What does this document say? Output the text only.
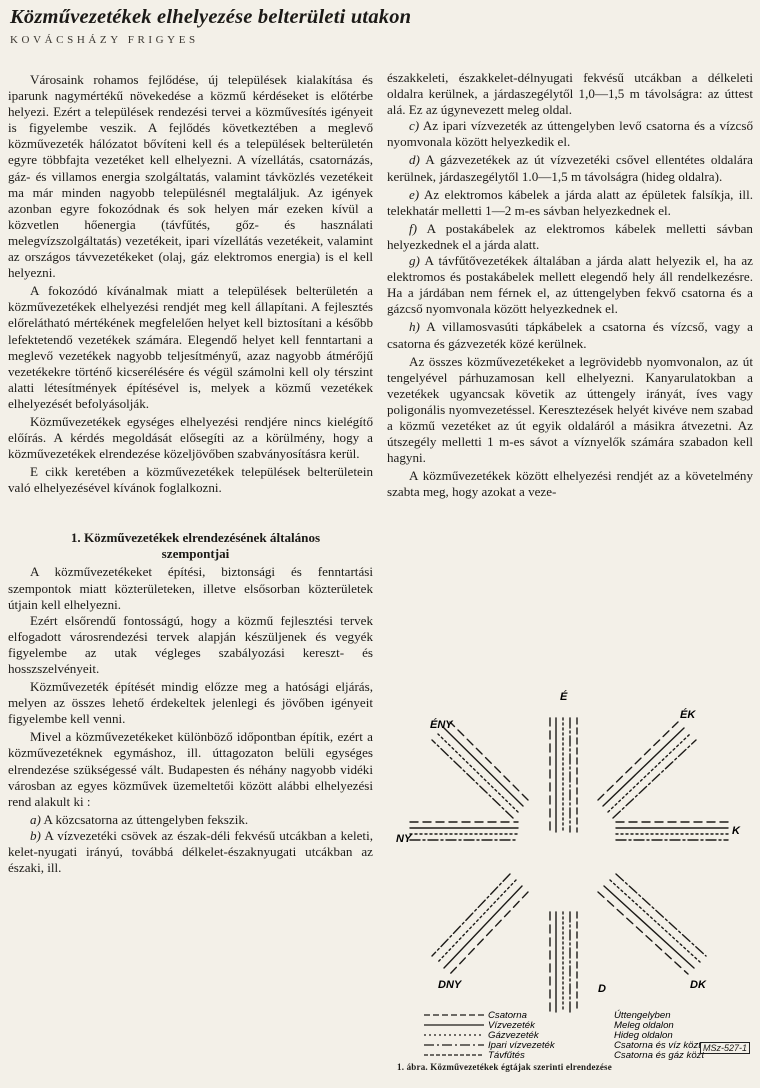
Közművezetékek elhelyezése belterületi utakon
KOVÁCSHÁZY FRIGYES

Városaink rohamos fejlődése, új települések kialakítása és iparunk nagymértékű növekedése a közmű kérdéseket is előtérbe helyezi. Ezért a települések rendezési tervei a közművesítés igényeit is figyelembe veszik. A fejlődés következtében a meglevő közművezeték hálózatot bővíteni kell és a települések belterületén egyre többfajta vezetéket kell elhelyezni. A vízellátás, csatornázás, gáz- és villamos energia szolgáltatás, valamint távközlés vezetékeit ma már minden nagyobb településnél megtaláljuk. Az igények azonban egyre fokozódnak és sok helyen már ezeken kívül a közvetlen hőenergia (távfűtés, gőz- és használati melegvízszolgáltatás) vezetékeit, ipari vízellátás vezetékeit, valamint az országos távvezetékeket (olaj, gáz elektromos energia) is el kell helyezni.

A fokozódó kívánalmak miatt a települések belterületén a közművezetékek elhelyezési rendjét meg kell állapítani. A fejlesztés előrelátható mértékének megfelelően helyet kell biztosítani a később lefektetendő vezetékek számára. Elegendő helyet kell fenntartani a meglevő vezetékek nagyobb teljesítményű, azaz nagyobb átmérőjű vezetékekre történő kicserélésére és végül számolni kell oly térszint alatti létesítmények építésével is, melyek a közmű vezetékek elhelyezését befolyásolják.

Közművezetékek egységes elhelyezési rendjére nincs kielégítő előírás. A kérdés megoldását elősegíti az a körülmény, hogy a közművezetékek elrendezése közeljövőben szabványosításra kerül.

E cikk keretében a közművezetékek települések belterületein való elhelyezésével kívánok foglalkozni.

1. Közművezetékek elrendezésének általános szempontjai

A közművezetékeket építési, biztonsági és fenntartási szempontok miatt közterületeken, illetve elsősorban közterületek útjain kell elhelyezni.

Ezért elsőrendű fontosságú, hogy a közmű fejlesztési tervek elfogadott városrendezési tervek alapján készüljenek és vegyék figyelembe az utak végleges szabályozási kereszt- és hosszszelvényeit.

Közművezeték építését mindig előzze meg a hatósági eljárás, melyen az összes lehető érdekeltek jelenlegi és jövőben igényeit figyelembe kell venni.

Mivel a közművezetékeket különböző időpontban építik, ezért a közművezetéknek egymáshoz, ill. úttagozaton belüli egységes elrendezése szükségessé vált. Budapesten és néhány nagyobb vidéki városban az egyes közművek üzemeltetői között alábbi elhelyezési rend alakult ki :

a) A közcsatorna az úttengelyben fekszik.

b) A vízvezetéki csövek az észak-déli fekvésű utcákban a keleti, kelet-nyugati irányú, továbbá délkelet-északnyugati utcákban az északi, ill.

északkeleti, északkelet-délnyugati fekvésű utcákban a délkeleti oldalra kerülnek, a járdaszegélytől 1,0—1,5 m távolságra: az úttest alá. Ez az úgynevezett meleg oldal.

c) Az ipari vízvezeték az úttengelyben levő csatorna és a vízcső nyomvonala között helyezkedik el.

d) A gázvezetékek az út vízvezetéki csővel ellentétes oldalára kerülnek, járdaszegélytől 1.0—1,5 m távolságra (hideg oldalra).

e) Az elektromos kábelek a járda alatt az épületek falsíkja, ill. telekhatár melletti 1—2 m-es sávban helyezkednek el.

f) A postakábelek az elektromos kábelek melletti sávban helyezkednek el a járda alatt.

g) A távfűtővezetékek általában a járda alatt helyezik el, ha az elektromos és postakábelek mellett elegendő hely áll rendelkezésre. Ha a járdában nem férnek el, az úttengelyben fekvő csatorna és a gázcső nyomvonala között helyezkednek el.

h) A villamosvasúti tápkábelek a csatorna és vízcső, vagy a csatorna és gázvezeték közé kerülnek.

Az összes közművezetékeket a legrövidebb nyomvonalon, az út tengelyével párhuzamosan kell elhelyezni. Kanyarulatokban a vezetékek ugyancsak követik az úttengely irányát, íves vagy poligonális nyomvezetéssel. Keresztezések helyét kivéve nem szabad a közmű vezetéket az út egyik oldaláról a másikra átvezetni. Az útszegély melletti 1 m-es sávot a víznyelők számára szabadon kell hagyni.

A közművezetékek között elhelyezési rendjét az a követelmény szabta meg, hogy azokat a veze-

É
ÉK
K
DK
D
DNY
NY
ÉNY
Csatorna
Vízvezeték
Gázvezeték
Ipari vízvezeték
Távfűtés
Úttengelyben
Meleg oldalon
Hideg oldalon
Csatorna és víz közt
Csatorna és gáz közt
1. ábra. Közművezetékek égtájak szerinti elrendezése
MSz-527-1
